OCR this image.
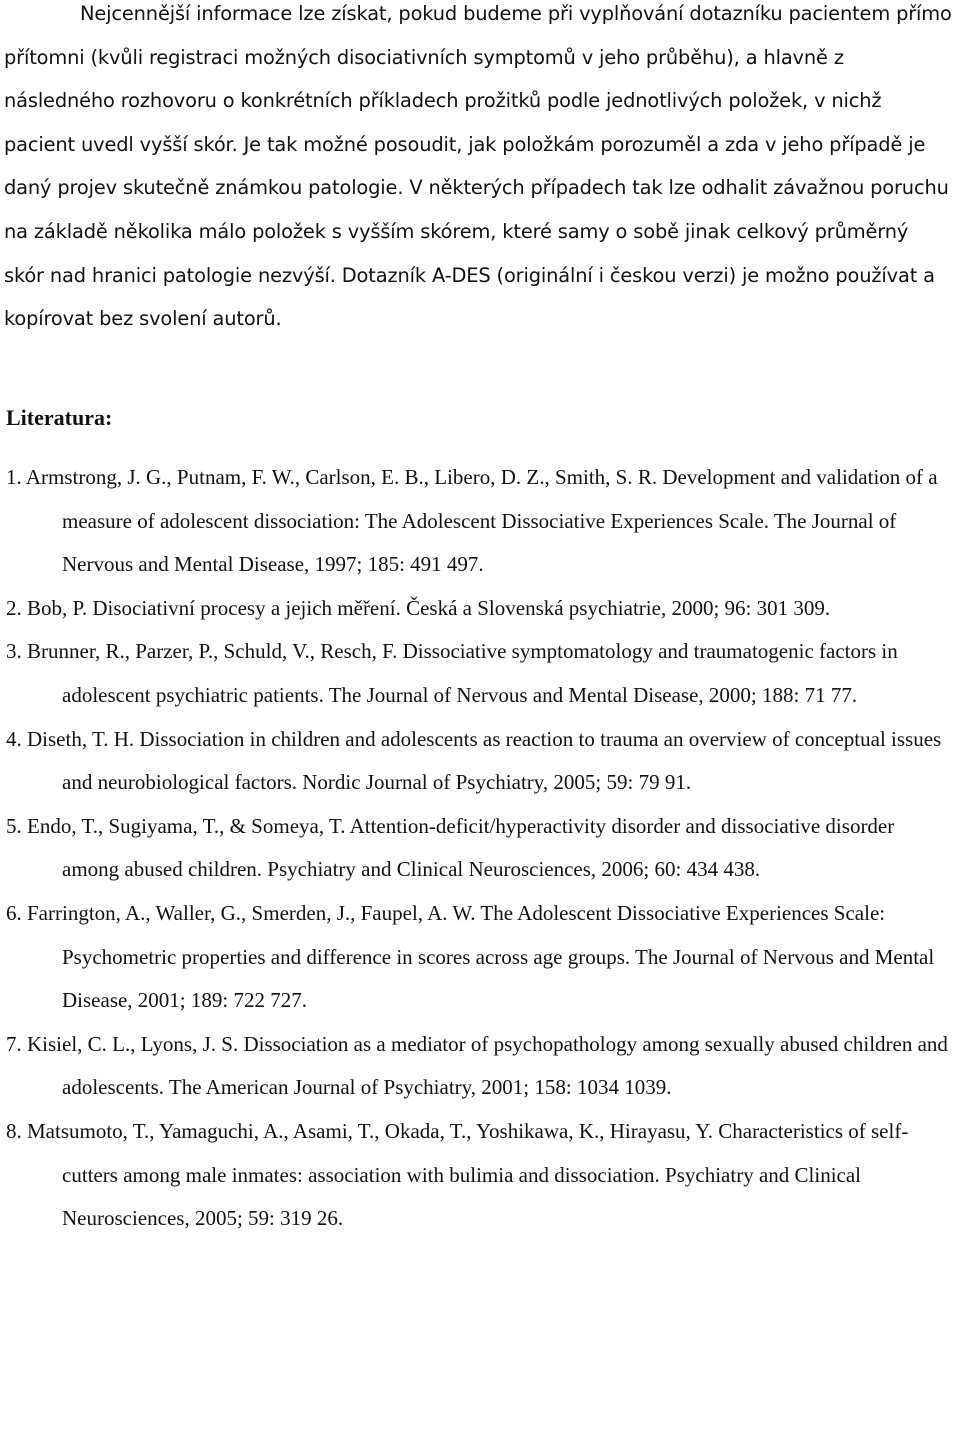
Nejcennější informace lze získat, pokud budeme při vyplňování dotazníku pacientem přímo přítomni (kvůli registraci možných disociativních symptomů v jeho průběhu), a hlavně z následného rozhovoru o konkrétních příkladech prožitků podle jednotlivých položek, v nichž pacient uvedl vyšší skór. Je tak možné posoudit, jak položkám porozuměl a zda v jeho případě je daný projev skutečně známkou patologie. V některých případech tak lze odhalit závažnou poruchu na základě několika málo položek s vyšším skórem, které samy o sobě jinak celkový průměrný skór nad hranici patologie nezvýší. Dotazník A-DES (originální i českou verzi) je možno používat a kopírovat bez svolení autorů.

Literatura:
1. Armstrong, J. G., Putnam, F. W., Carlson, E. B., Libero, D. Z., Smith, S. R. Development and validation of a measure of adolescent dissociation: The Adolescent Dissociative Experiences Scale. The Journal of Nervous and Mental Disease, 1997; 185: 491 497.
2. Bob, P. Disociativní procesy a jejich měření. Česká a Slovenská psychiatrie, 2000; 96: 301 309.
3. Brunner, R., Parzer, P., Schuld, V., Resch, F. Dissociative symptomatology and traumatogenic factors in adolescent psychiatric patients. The Journal of Nervous and Mental Disease, 2000; 188: 71 77.
4. Diseth, T. H. Dissociation in children and adolescents as reaction to trauma an overview of conceptual issues and neurobiological factors. Nordic Journal of Psychiatry, 2005; 59: 79 91.
5. Endo, T., Sugiyama, T., & Someya, T. Attention-deficit/hyperactivity disorder and dissociative disorder among abused children. Psychiatry and Clinical Neurosciences, 2006; 60: 434 438.
6. Farrington, A., Waller, G., Smerden, J., Faupel, A. W. The Adolescent Dissociative Experiences Scale: Psychometric properties and difference in scores across age groups. The Journal of Nervous and Mental Disease, 2001; 189: 722 727.
7. Kisiel, C. L., Lyons, J. S. Dissociation as a mediator of psychopathology among sexually abused children and adolescents. The American Journal of Psychiatry, 2001; 158: 1034 1039.
8. Matsumoto, T., Yamaguchi, A., Asami, T., Okada, T., Yoshikawa, K., Hirayasu, Y. Characteristics of self-cutters among male inmates: association with bulimia and dissociation. Psychiatry and Clinical Neurosciences, 2005; 59: 319 26.
